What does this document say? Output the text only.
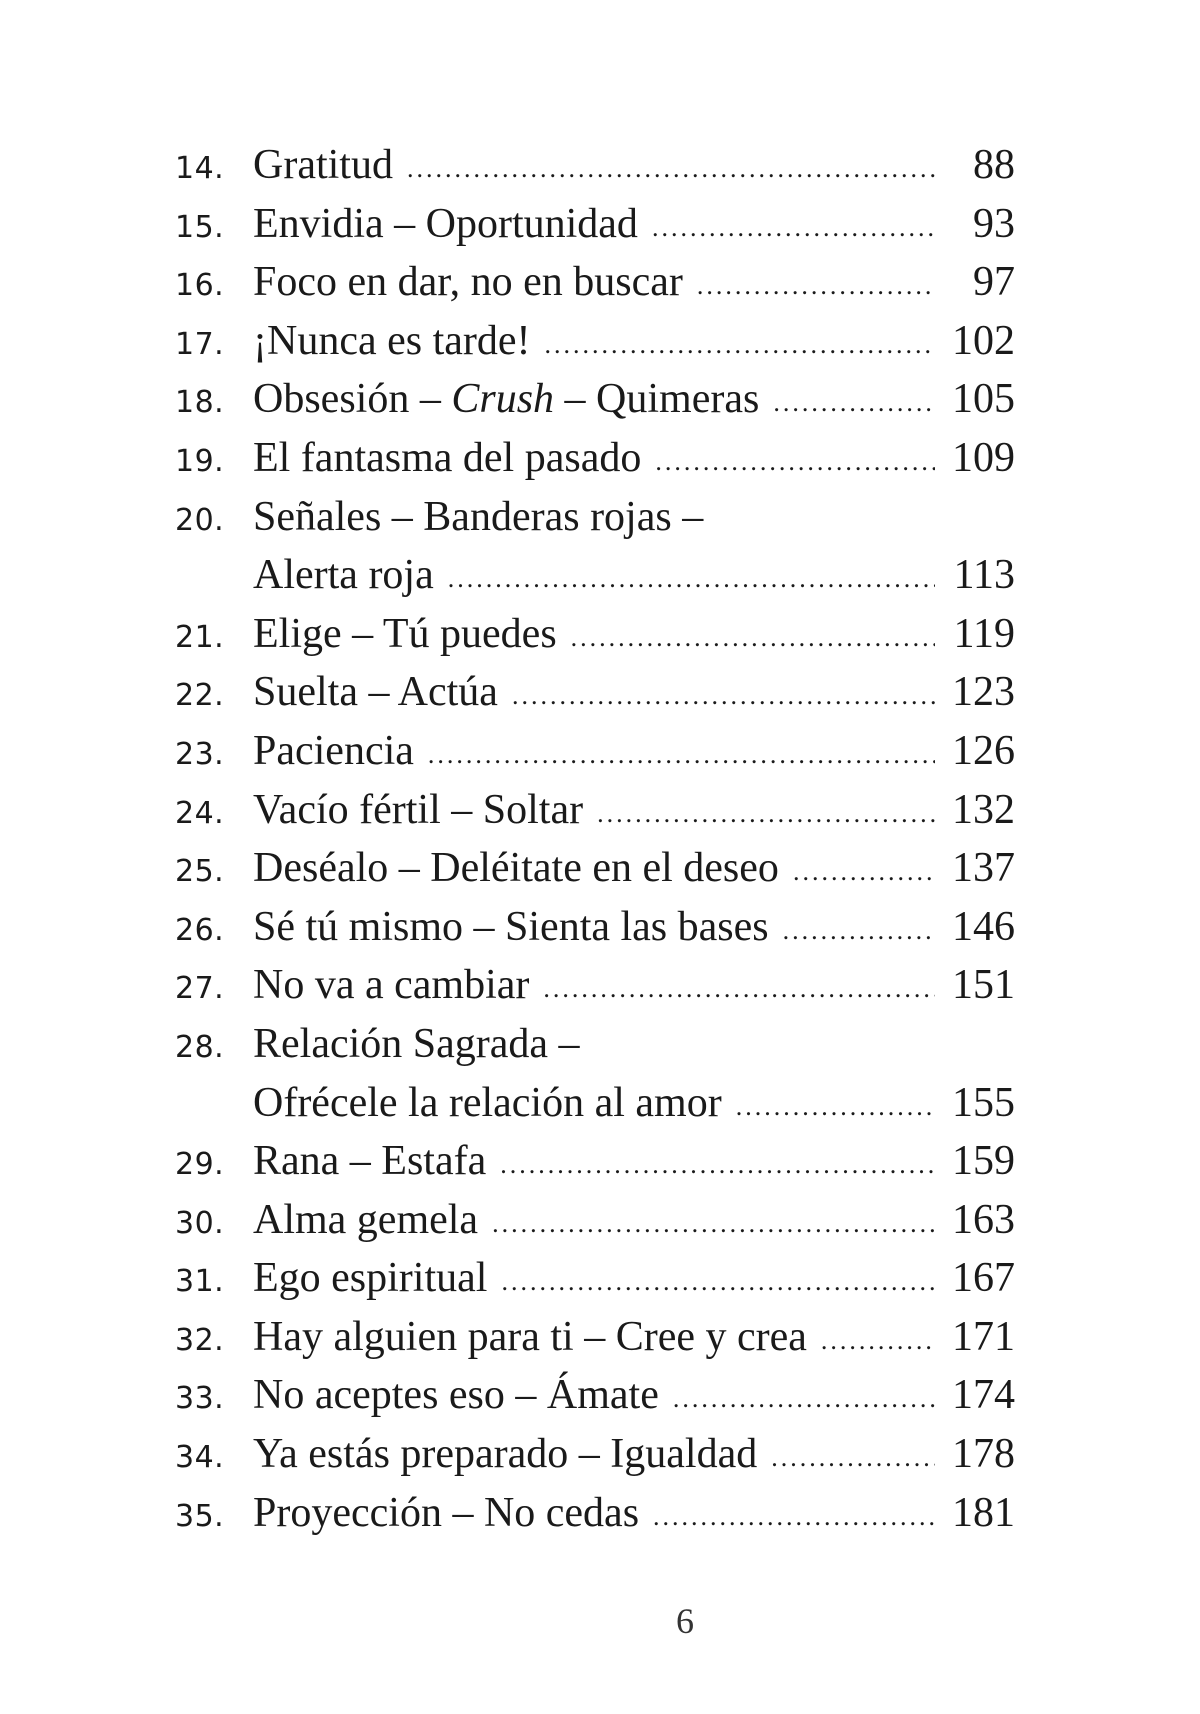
14. Gratitud .....	88
15. Envidia – Oportunidad .....	93
16. Foco en dar, no en buscar .....	97
17. ¡Nunca es tarde! .....	102
18. Obsesión – Crush – Quimeras .....	105
19. El fantasma del pasado .....	109
20. Señales – Banderas rojas –
Alerta roja .....	113
21. Elige – Tú puedes .....	119
22. Suelta – Actúa .....	123
23. Paciencia .....	126
24. Vacío fértil – Soltar .....	132
25. Deséalo – Deléitate en el deseo .....	137
26. Sé tú mismo – Sienta las bases .....	146
27. No va a cambiar .....	151
28. Relación Sagrada –
Ofrécele la relación al amor .....	155
29. Rana – Estafa .....	159
30. Alma gemela .....	163
31. Ego espiritual .....	167
32. Hay alguien para ti – Cree y crea .....	171
33. No aceptes eso – Ámate .....	174
34. Ya estás preparado – Igualdad .....	178
35. Proyección – No cedas .....	181
6
